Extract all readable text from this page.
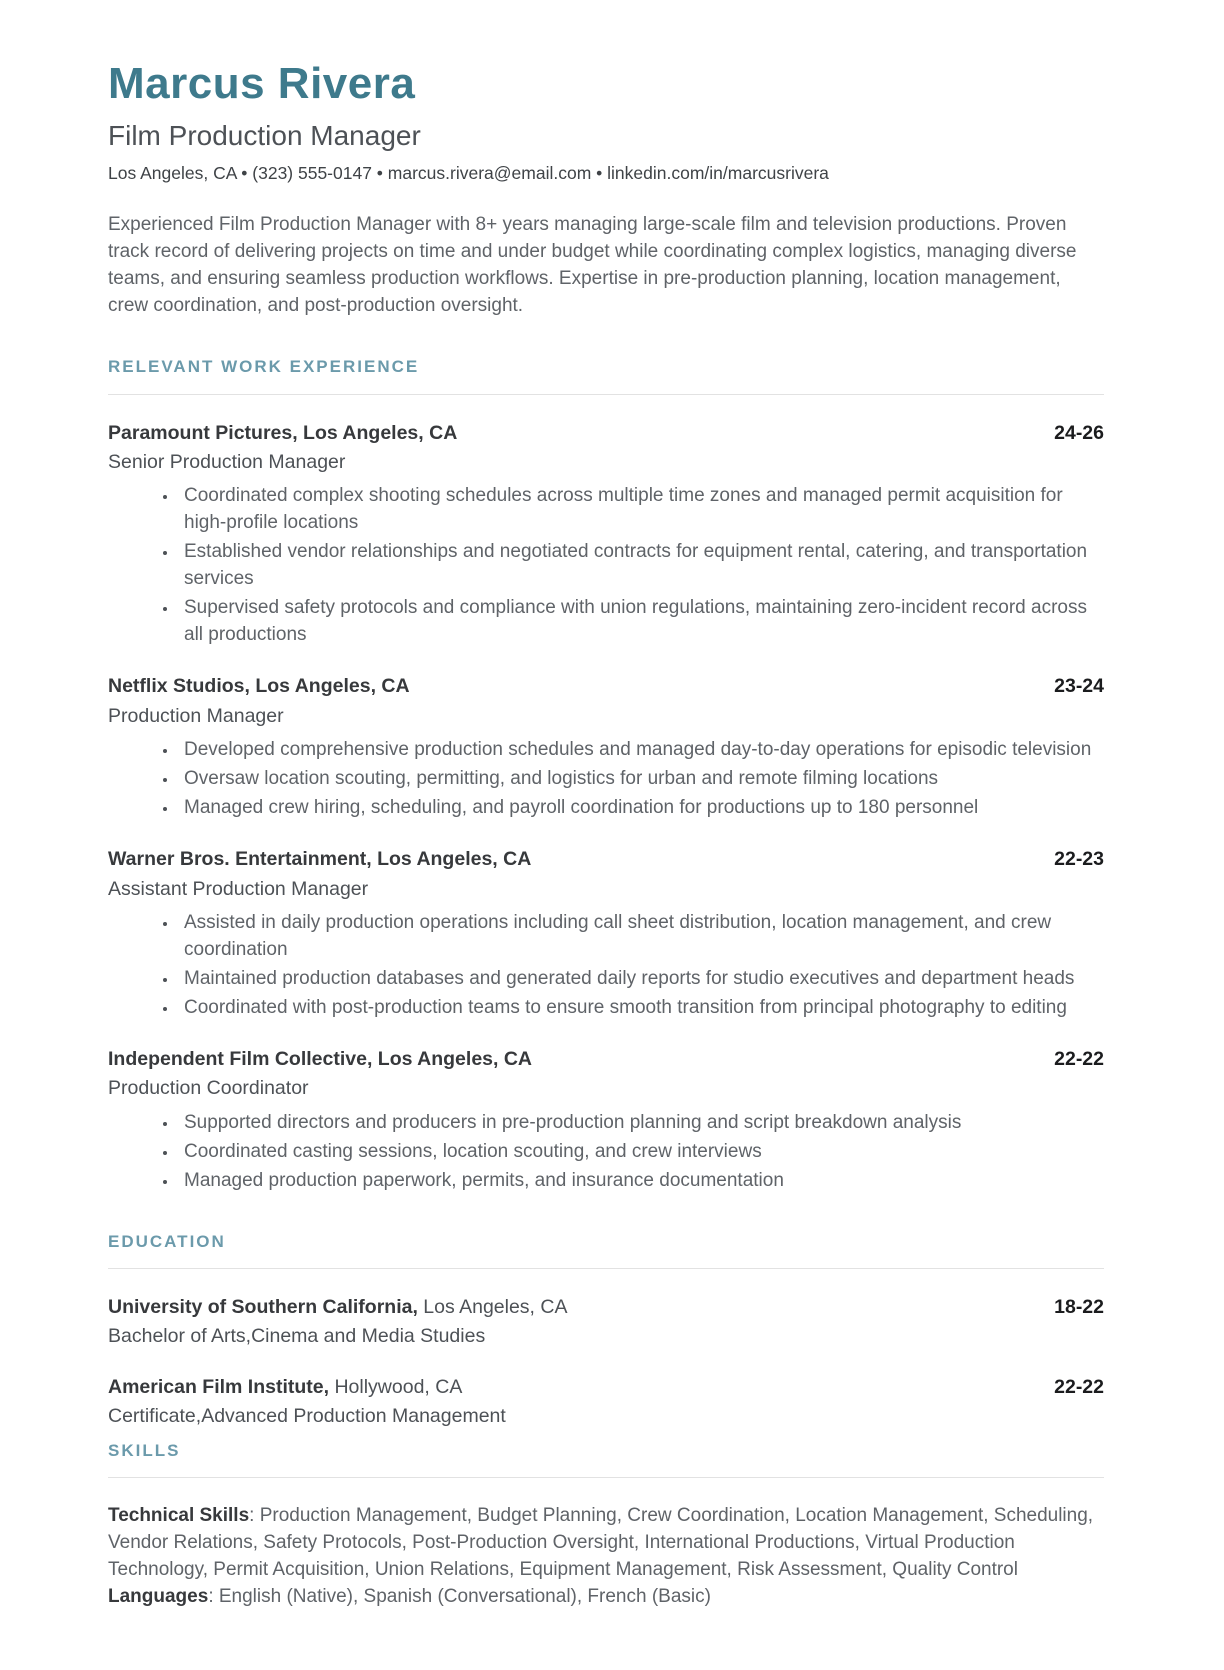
Marcus Rivera
Film Production Manager
Los Angeles, CA • (323) 555-0147 • marcus.rivera@email.com • linkedin.com/in/marcusrivera

Experienced Film Production Manager with 8+ years managing large-scale film and television productions. Proven track record of delivering projects on time and under budget while coordinating complex logistics, managing diverse teams, and ensuring seamless production workflows. Expertise in pre-production planning, location management, crew coordination, and post-production oversight.

RELEVANT WORK EXPERIENCE
Paramount Pictures, Los Angeles, CA	24-26
Senior Production Manager
• Coordinated complex shooting schedules across multiple time zones and managed permit acquisition for high-profile locations
• Established vendor relationships and negotiated contracts for equipment rental, catering, and transportation services
• Supervised safety protocols and compliance with union regulations, maintaining zero-incident record across all productions
Netflix Studios, Los Angeles, CA	23-24
Production Manager
• Developed comprehensive production schedules and managed day-to-day operations for episodic television
• Oversaw location scouting, permitting, and logistics for urban and remote filming locations
• Managed crew hiring, scheduling, and payroll coordination for productions up to 180 personnel
Warner Bros. Entertainment, Los Angeles, CA	22-23
Assistant Production Manager
• Assisted in daily production operations including call sheet distribution, location management, and crew coordination
• Maintained production databases and generated daily reports for studio executives and department heads
• Coordinated with post-production teams to ensure smooth transition from principal photography to editing
Independent Film Collective, Los Angeles, CA	22-22
Production Coordinator
• Supported directors and producers in pre-production planning and script breakdown analysis
• Coordinated casting sessions, location scouting, and crew interviews
• Managed production paperwork, permits, and insurance documentation
EDUCATION
University of Southern California, Los Angeles, CA	18-22
Bachelor of Arts,Cinema and Media Studies
American Film Institute, Hollywood, CA	22-22
Certificate,Advanced Production Management
SKILLS

Technical Skills: Production Management, Budget Planning, Crew Coordination, Location Management, Scheduling, Vendor Relations, Safety Protocols, Post-Production Oversight, International Productions, Virtual Production Technology, Permit Acquisition, Union Relations, Equipment Management, Risk Assessment, Quality Control

Languages: English (Native), Spanish (Conversational), French (Basic)
